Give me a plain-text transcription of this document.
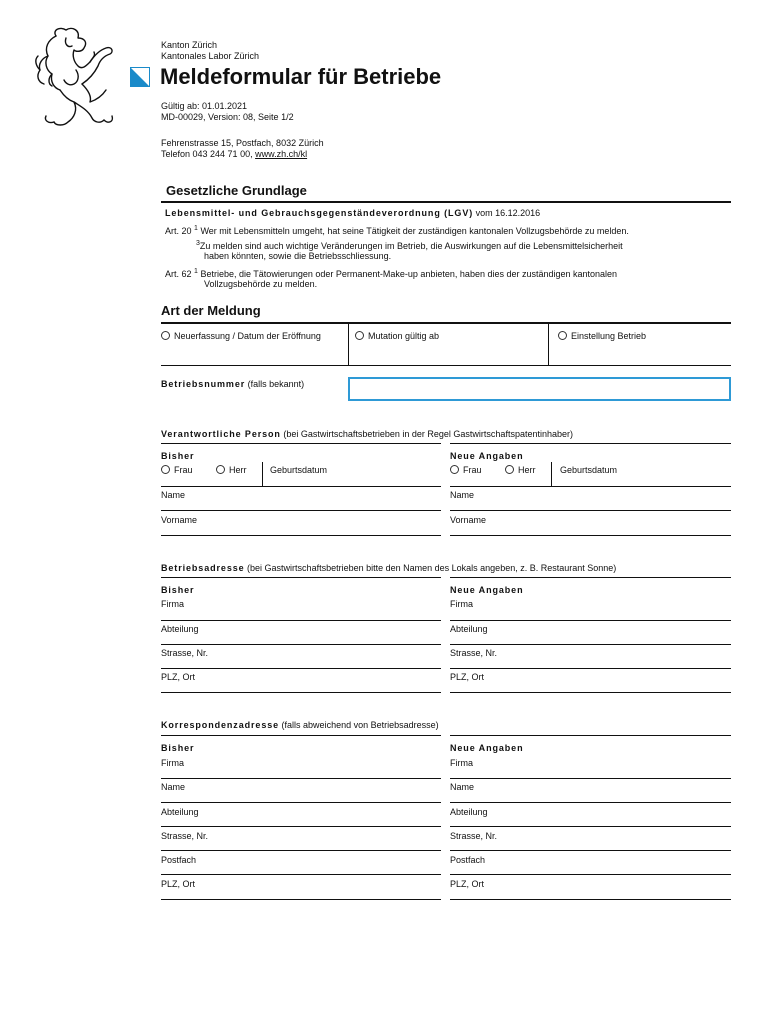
Kanton Zürich
Kantonales Labor Zürich
Meldeformular für Betriebe
Gültig ab: 01.01.2021
MD-00029, Version: 08, Seite 1/2
Fehrenstrasse 15, Postfach, 8032 Zürich
Telefon 043 244 71 00, www.zh.ch/kl
Gesetzliche Grundlage
Lebensmittel- und Gebrauchsgegenständeverordnung (LGV) vom 16.12.2016
Art. 20 $^1$ Wer mit Lebensmitteln umgeht, hat seine Tätigkeit der zuständigen kantonalen Vollzugsbehörde zu melden.
$^3$Zu melden sind auch wichtige Veränderungen im Betrieb, die Auswirkungen auf die Lebensmittelsicherheit
haben könnten, sowie die Betriebsschliessung.
Art. 62 $^1$ Betriebe, die Tätowierungen oder Permanent-Make-up anbieten, haben dies der zuständigen kantonalen
Vollzugsbehörde zu melden.
Art der Meldung
Neuerfassung / Datum der Eröffnung	Mutation gültig ab	Einstellung Betrieb
Betriebsnummer (falls bekannt)
Verantwortliche Person (bei Gastwirtschaftsbetrieben in der Regel Gastwirtschaftspatentinhaber)
Bisher	Neue Angaben
Frau	Herr	Geburtsdatum	Frau	Herr	Geburtsdatum
Name	Name
Vorname	Vorname
Betriebsadresse (bei Gastwirtschaftsbetrieben bitte den Namen des Lokals angeben, z. B. Restaurant Sonne)
Bisher	Neue Angaben
Firma	Firma
Abteilung	Abteilung
Strasse, Nr.	Strasse, Nr.
PLZ, Ort	PLZ, Ort
Korrespondenzadresse (falls abweichend von Betriebsadresse)
Bisher	Neue Angaben
Firma	Firma
Name	Name
Abteilung	Abteilung
Strasse, Nr.	Strasse, Nr.
Postfach	Postfach
PLZ, Ort	PLZ, Ort
